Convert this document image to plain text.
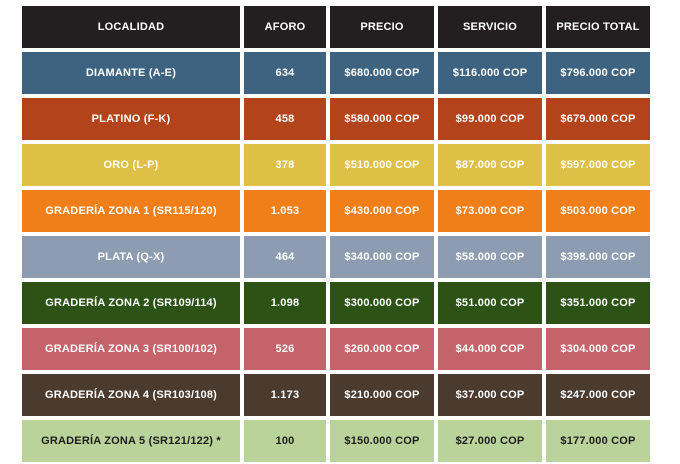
LOCALIDAD	AFORO	PRECIO	SERVICIO	PRECIO TOTAL
DIAMANTE (A-E)	634	$680.000 COP	$116.000 COP	$796.000 COP
PLATINO (F-K)	458	$580.000 COP	$99.000 COP	$679.000 COP
ORO (L-P)	378	$510.000 COP	$87.000 COP	$597.000 COP
GRADERÍA ZONA 1 (SR115/120)	1.053	$430.000 COP	$73.000 COP	$503.000 COP
PLATA (Q-X)	464	$340.000 COP	$58.000 COP	$398.000 COP
GRADERÍA ZONA 2 (SR109/114)	1.098	$300.000 COP	$51.000 COP	$351.000 COP
GRADERÍA ZONA 3 (SR100/102)	526	$260.000 COP	$44.000 COP	$304.000 COP
GRADERÍA ZONA 4 (SR103/108)	1.173	$210.000 COP	$37.000 COP	$247.000 COP
GRADERÍA ZONA 5 (SR121/122) *	100	$150.000 COP	$27.000 COP	$177.000 COP
